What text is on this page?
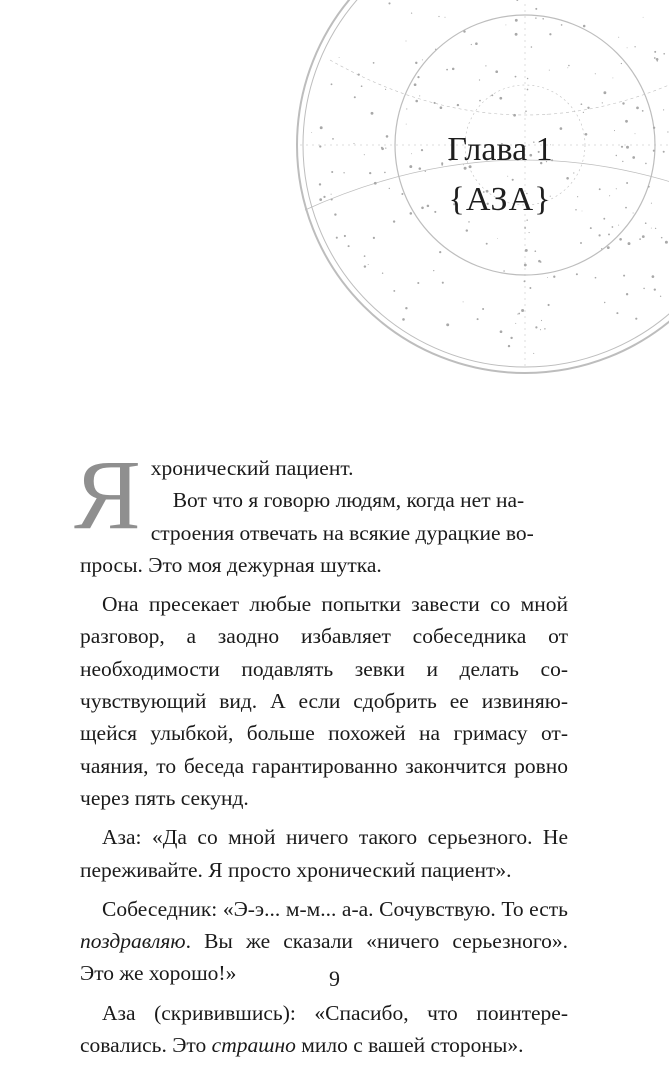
Глава 1
{АЗА}

Яхронический пациент.
Вот что я говорю людям, когда нет на-
строения отвечать на всякие дурацкие во-
просы. Это моя дежурная шутка.

Она пресекает любые попытки завести со мной разговор, а заодно избавляет собеседника от необходимости подавлять зевки и делать сочувствующий вид. А если сдобрить ее извиняющейся улыбкой, больше похожей на гримасу отчаяния, то беседа гарантированно закончится ровно через пять секунд.

Аза: «Да со мной ничего такого серьезного. Не переживайте. Я просто хронический пациент».

Собеседник: «Э-э... м-м... а-а. Сочувствую. То есть поздравляю. Вы же сказали «ничего серьезного». Это же хорошо!»

Аза (скривившись): «Спасибо, что поинтересовались. Это страшно мило с вашей стороны».

9
